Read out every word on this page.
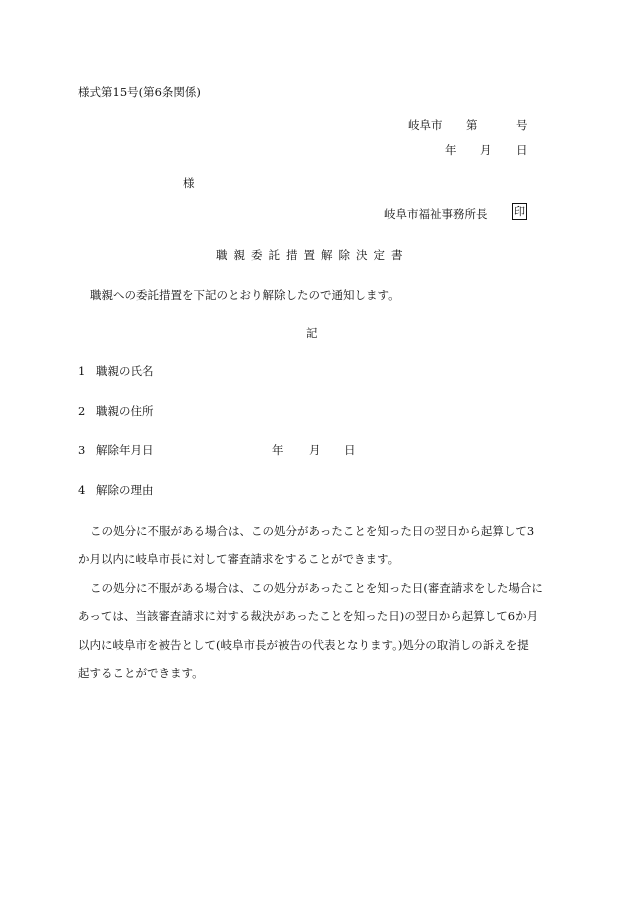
様式第15号(第6条関係)
岐阜市 第	号
年 月 日
様
岐阜市福祉事務所長 印
職親委託措置解除決定書
職親への委託措置を下記のとおり解除したので通知します。
記
1 職親の氏名
2 職親の住所
3 解除年月日	年 月 日
4 解除の理由
この処分に不服がある場合は、この処分があったことを知った日の翌日から起算して3
か月以内に岐阜市長に対して審査請求をすることができます。
この処分に不服がある場合は、この処分があったことを知った日(審査請求をした場合に
あっては、当該審査請求に対する裁決があったことを知った日)の翌日から起算して6か月
以内に岐阜市を被告として(岐阜市長が被告の代表となります。)処分の取消しの訴えを提
起することができます。
